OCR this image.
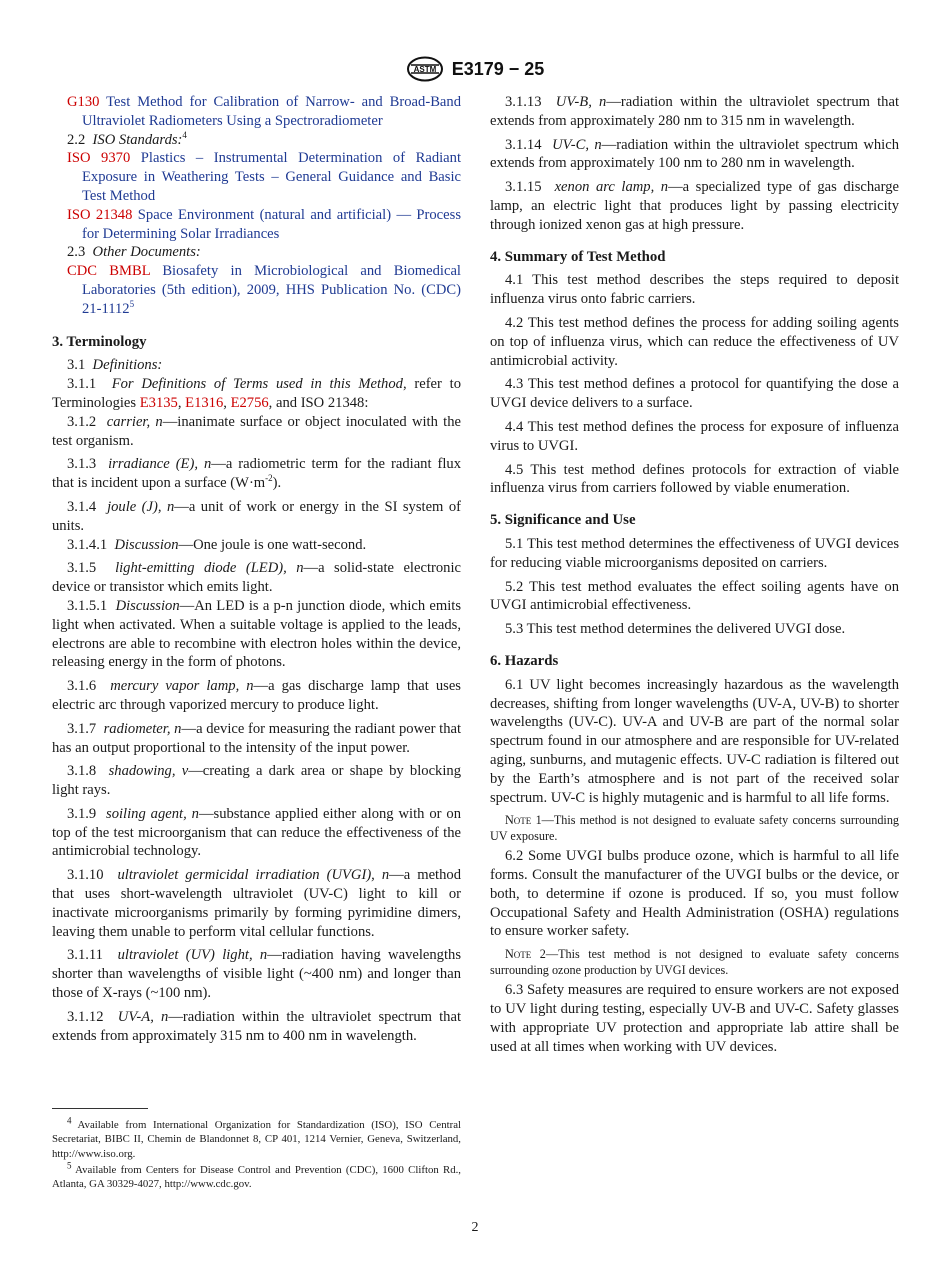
ASTM E3179 − 25

G130 Test Method for Calibration of Narrow- and Broad-Band Ultraviolet Radiometers Using a Spectroradiometer

2.2 ISO Standards:$^4$

ISO 9370 Plastics – Instrumental Determination of Radiant Exposure in Weathering Tests – General Guidance and Basic Test Method

ISO 21348 Space Environment (natural and artificial) — Process for Determining Solar Irradiances

2.3 Other Documents:

CDC BMBL Biosafety in Microbiological and Biomedical Laboratories (5th edition), 2009, HHS Publication No. (CDC) 21-1112$^5$

3. Terminology

3.1 Definitions:

3.1.1 For Definitions of Terms used in this Method, refer to Terminologies E3135, E1316, E2756, and ISO 21348:

3.1.2 carrier, n—inanimate surface or object inoculated with the test organism.

3.1.3 irradiance (E), n—a radiometric term for the radiant flux that is incident upon a surface $(W\cdot m^{-2})$.

3.1.4 joule (J), n—a unit of work or energy in the SI system of units.

3.1.4.1 Discussion—One joule is one watt-second.

3.1.5 light-emitting diode (LED), n—a solid-state electronic device or transistor which emits light.

3.1.5.1 Discussion—An LED is a p-n junction diode, which emits light when activated. When a suitable voltage is applied to the leads, electrons are able to recombine with electron holes within the device, releasing energy in the form of photons.

3.1.6 mercury vapor lamp, n—a gas discharge lamp that uses electric arc through vaporized mercury to produce light.

3.1.7 radiometer, n—a device for measuring the radiant power that has an output proportional to the intensity of the input power.

3.1.8 shadowing, v—creating a dark area or shape by blocking light rays.

3.1.9 soiling agent, n—substance applied either along with or on top of the test microorganism that can reduce the effectiveness of the antimicrobial technology.

3.1.10 ultraviolet germicidal irradiation (UVGI), n—a method that uses short-wavelength ultraviolet (UV-C) light to kill or inactivate microorganisms primarily by forming pyrimidine dimers, leaving them unable to perform vital cellular functions.

3.1.11 ultraviolet (UV) light, n—radiation having wavelengths shorter than wavelengths of visible light (~400 nm) and longer than those of X-rays (~100 nm).

3.1.12 UV-A, n—radiation within the ultraviolet spectrum that extends from approximately 315 nm to 400 nm in wavelength.

$^4$ Available from International Organization for Standardization (ISO), ISO Central Secretariat, BIBC II, Chemin de Blandonnet 8, CP 401, 1214 Vernier, Geneva, Switzerland, http://www.iso.org.

$^5$ Available from Centers for Disease Control and Prevention (CDC), 1600 Clifton Rd., Atlanta, GA 30329-4027, http://www.cdc.gov.

3.1.13 UV-B, n—radiation within the ultraviolet spectrum that extends from approximately 280 nm to 315 nm in wavelength.

3.1.14 UV-C, n—radiation within the ultraviolet spectrum which extends from approximately 100 nm to 280 nm in wavelength.

3.1.15 xenon arc lamp, n—a specialized type of gas discharge lamp, an electric light that produces light by passing electricity through ionized xenon gas at high pressure.

4. Summary of Test Method

4.1 This test method describes the steps required to deposit influenza virus onto fabric carriers.

4.2 This test method defines the process for adding soiling agents on top of influenza virus, which can reduce the effectiveness of UV antimicrobial activity.

4.3 This test method defines a protocol for quantifying the dose a UVGI device delivers to a surface.

4.4 This test method defines the process for exposure of influenza virus to UVGI.

4.5 This test method defines protocols for extraction of viable influenza virus from carriers followed by viable enumeration.

5. Significance and Use

5.1 This test method determines the effectiveness of UVGI devices for reducing viable microorganisms deposited on carriers.

5.2 This test method evaluates the effect soiling agents have on UVGI antimicrobial effectiveness.

5.3 This test method determines the delivered UVGI dose.

6. Hazards

6.1 UV light becomes increasingly hazardous as the wavelength decreases, shifting from longer wavelengths (UV-A, UV-B) to shorter wavelengths (UV-C). UV-A and UV-B are part of the normal solar spectrum found in our atmosphere and are responsible for UV-related aging, sunburns, and mutagenic effects. UV-C radiation is filtered out by the Earth’s atmosphere and is not part of the received solar spectrum. UV-C is highly mutagenic and is harmful to all life forms.

Note 1—This method is not designed to evaluate safety concerns surrounding UV exposure.

6.2 Some UVGI bulbs produce ozone, which is harmful to all life forms. Consult the manufacturer of the UVGI bulbs or the device, or both, to determine if ozone is produced. If so, you must follow Occupational Safety and Health Administration (OSHA) regulations to ensure worker safety.

Note 2—This test method is not designed to evaluate safety concerns surrounding ozone production by UVGI devices.

6.3 Safety measures are required to ensure workers are not exposed to UV light during testing, especially UV-B and UV-C. Safety glasses with appropriate UV protection and appropriate lab attire shall be used at all times when working with UV devices.

2
